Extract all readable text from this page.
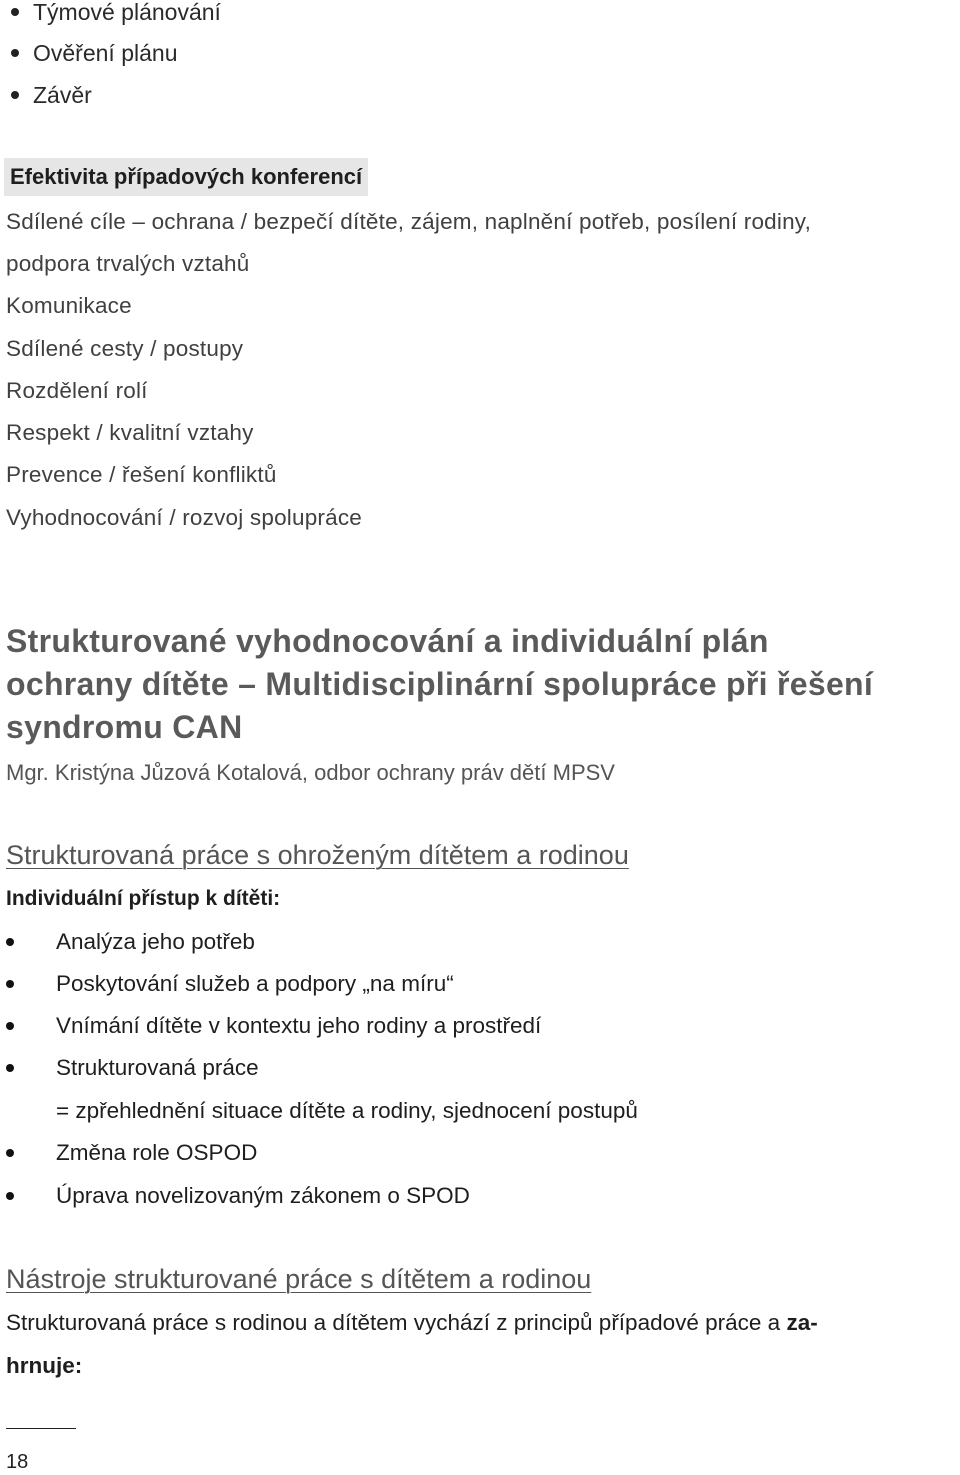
Týmové plánování
Ověření plánu
Závěr
Efektivita případových konferencí
Sdílené cíle – ochrana / bezpečí dítěte, zájem, naplnění potřeb, posílení rodiny,
podpora trvalých vztahů
Komunikace
Sdílené cesty / postupy
Rozdělení rolí
Respekt / kvalitní vztahy
Prevence / řešení konfliktů
Vyhodnocování / rozvoj spolupráce
Strukturované vyhodnocování a individuální plán
ochrany dítěte – Multidisciplinární spolupráce při řešení
syndromu CAN
Mgr. Kristýna Jůzová Kotalová, odbor ochrany práv dětí MPSV
Strukturovaná práce s ohroženým dítětem a rodinou
Individuální přístup k dítěti:
Analýza jeho potřeb
Poskytování služeb a podpory „na míru“
Vnímání dítěte v kontextu jeho rodiny a prostředí
Strukturovaná práce
= zpřehlednění situace dítěte a rodiny, sjednocení postupů
Změna role OSPOD
Úprava novelizovaným zákonem o SPOD
Nástroje strukturované práce s dítětem a rodinou
Strukturovaná práce s rodinou a dítětem vychází z principů případové práce a za-
hrnuje:
18
